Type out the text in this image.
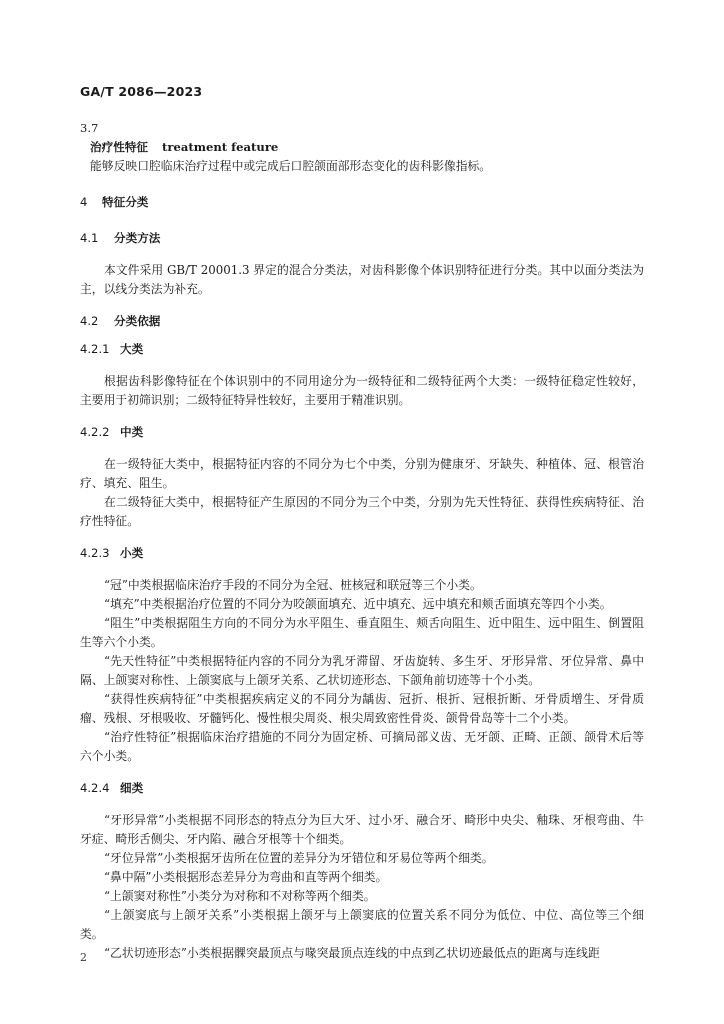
GA/T 2086—2023

3.7

治疗性特征 treatment feature

能够反映口腔临床治疗过程中或完成后口腔颌面部形态变化的齿科影像指标。

4 特征分类

4.1 分类方法

本文件采用 GB/T 20001.3 界定的混合分类法，对齿科影像个体识别特征进行分类。其中以面分类法为主，以线分类法为补充。

4.2 分类依据

4.2.1 大类

根据齿科影像特征在个体识别中的不同用途分为一级特征和二级特征两个大类：一级特征稳定性较好，主要用于初筛识别；二级特征特异性较好，主要用于精准识别。

4.2.2 中类

在一级特征大类中，根据特征内容的不同分为七个中类，分别为健康牙、牙缺失、种植体、冠、根管治疗、填充、阻生。

在二级特征大类中，根据特征产生原因的不同分为三个中类，分别为先天性特征、获得性疾病特征、治疗性特征。

4.2.3 小类

“冠”中类根据临床治疗手段的不同分为全冠、桩核冠和联冠等三个小类。

“填充”中类根据治疗位置的不同分为咬颌面填充、近中填充、远中填充和颊舌面填充等四个小类。

“阻生”中类根据阻生方向的不同分为水平阻生、垂直阻生、颊舌向阻生、近中阻生、远中阻生、倒置阻生等六个小类。

“先天性特征”中类根据特征内容的不同分为乳牙滞留、牙齿旋转、多生牙、牙形异常、牙位异常、鼻中隔、上颌窦对称性、上颌窦底与上颌牙关系、乙状切迹形态、下颌角前切迹等十个小类。

“获得性疾病特征”中类根据疾病定义的不同分为龋齿、冠折、根折、冠根折断、牙骨质增生、牙骨质瘤、残根、牙根吸收、牙髓钙化、慢性根尖周炎、根尖周致密性骨炎、颌骨骨岛等十二个小类。

“治疗性特征”根据临床治疗措施的不同分为固定桥、可摘局部义齿、无牙颌、正畸、正颌、颌骨术后等六个小类。

4.2.4 细类

“牙形异常”小类根据不同形态的特点分为巨大牙、过小牙、融合牙、畸形中央尖、釉珠、牙根弯曲、牛牙症、畸形舌侧尖、牙内陷、融合牙根等十个细类。

“牙位异常”小类根据牙齿所在位置的差异分为牙错位和牙易位等两个细类。

“鼻中隔”小类根据形态差异分为弯曲和直等两个细类。

“上颌窦对称性”小类分为对称和不对称等两个细类。

“上颌窦底与上颌牙关系”小类根据上颌牙与上颌窦底的位置关系不同分为低位、中位、高位等三个细类。

“乙状切迹形态”小类根据髁突最顶点与喙突最顶点连线的中点到乙状切迹最低点的距离与连线距

2
